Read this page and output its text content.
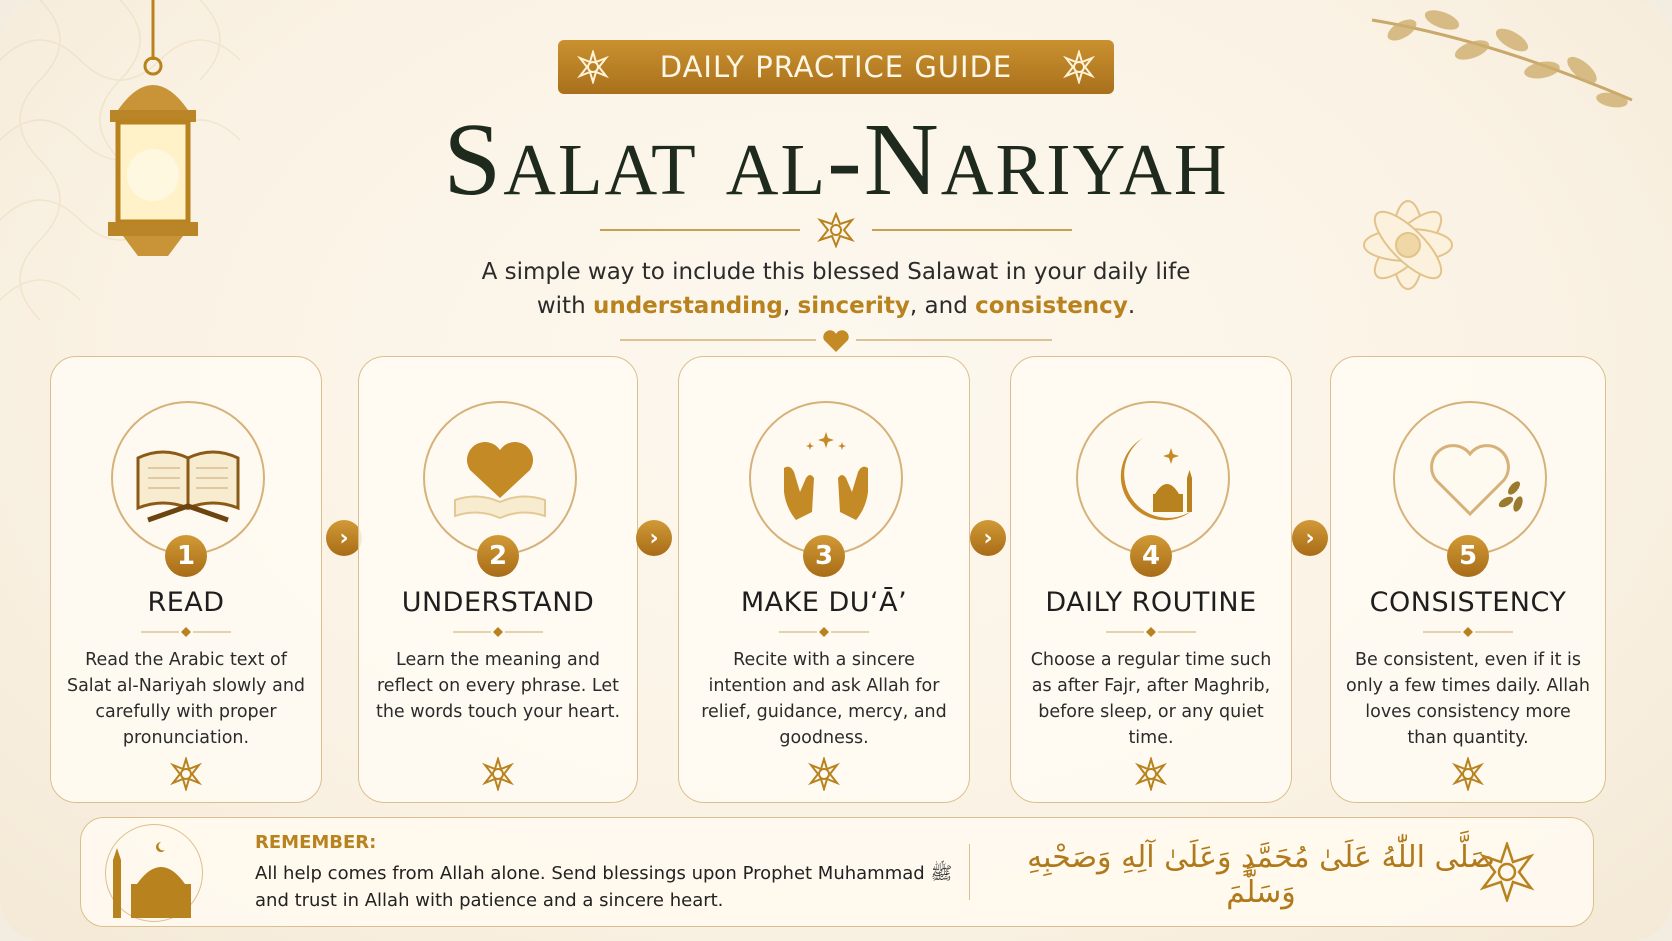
DAILY PRACTICE GUIDE
Salat al-Nariyah
A simple way to include this blessed Salawat in your daily life
with understanding, sincerity, and consistency.
1
READ
Read the Arabic text of Salat al-Nariyah slowly and carefully with proper pronunciation.
›
2
UNDERSTAND
Learn the meaning and reflect on every phrase. Let the words touch your heart.
›
3
MAKE DU‘Ā’
Recite with a sincere intention and ask Allah for relief, guidance, mercy, and goodness.
›
4
DAILY ROUTINE
Choose a regular time such as after Fajr, after Maghrib, before sleep, or any quiet time.
›
5
CONSISTENCY
Be consistent, even if it is only a few times daily. Allah loves consistency more than quantity.
REMEMBER:
All help comes from Allah alone. Send blessings upon Prophet Muhammad ﷺ and trust in Allah with patience and a sincere heart.
صَلَّى اللّٰهُ عَلَىٰ مُحَمَّدٍ وَعَلَىٰ آلِهِ وَصَحْبِهِ وَسَلَّمَ
